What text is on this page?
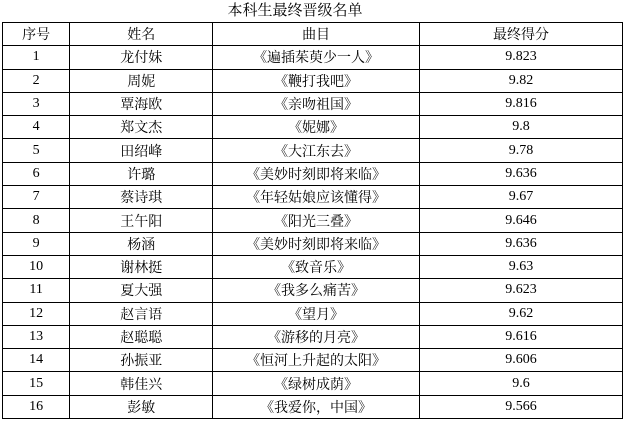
本科生最终晋级名单
序号	姓名	曲目	最终得分
1	龙付妹	《遍插茱萸少一人》	9.823
2	周妮	《鞭打我吧》	9.82
3	覃海欧	《亲吻祖国》	9.816
4	郑文杰	《妮娜》	9.8
5	田绍峰	《大江东去》	9.78
6	许璐	《美妙时刻即将来临》	9.636
7	蔡诗琪	《年轻姑娘应该懂得》	9.67
8	王午阳	《阳光三叠》	9.646
9	杨涵	《美妙时刻即将来临》	9.636
10	谢林挺	《致音乐》	9.63
11	夏大强	《我多么痛苦》	9.623
12	赵言语	《望月》	9.62
13	赵聪聪	《游移的月亮》	9.616
14	孙振亚	《恒河上升起的太阳》	9.606
15	韩佳兴	《绿树成荫》	9.6
16	彭敏	《我爱你，中国》	9.566
